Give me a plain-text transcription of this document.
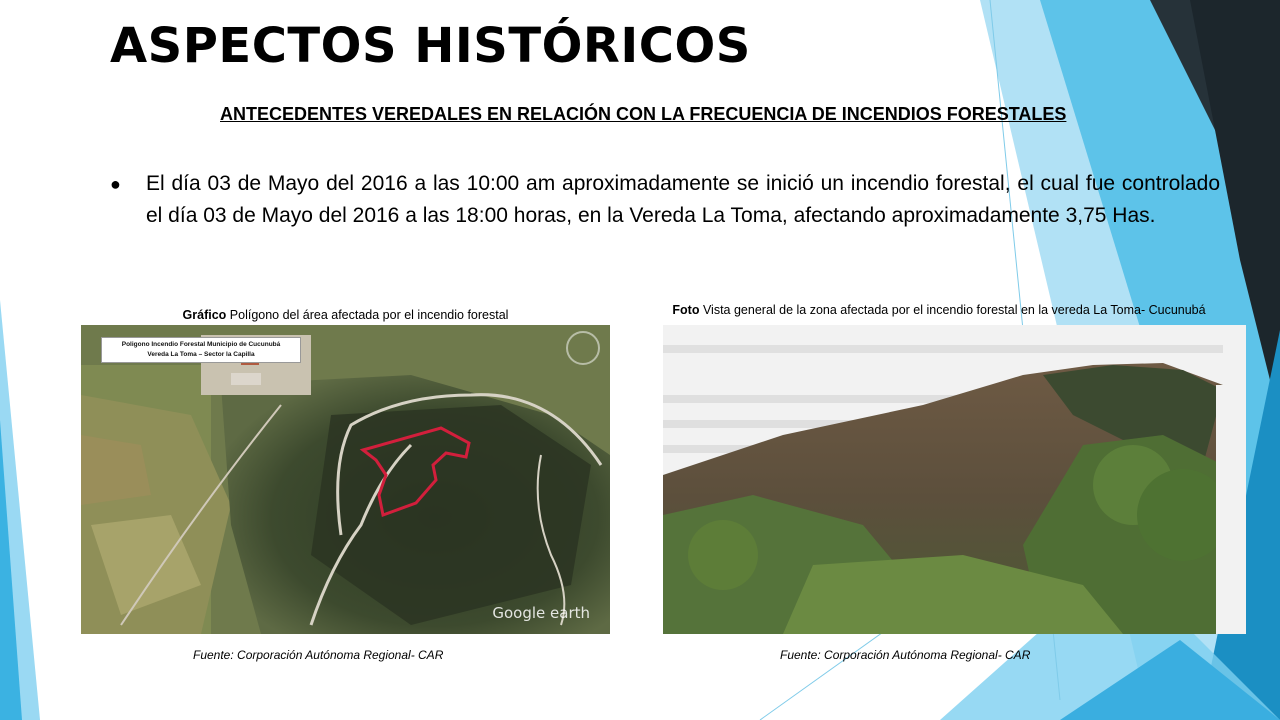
ASPECTOS HISTÓRICOS
ANTECEDENTES VEREDALES EN RELACIÓN CON LA FRECUENCIA DE INCENDIOS FORESTALES
● El día 03 de Mayo del 2016 a las 10:00 am aproximadamente se inició un incendio forestal, el cual fue controlado el día 03 de Mayo del 2016 a las 18:00 horas, en la Vereda La Toma, afectando aproximadamente 3,75 Has.
Gráfico Polígono del área afectada por el incendio forestal
Poligono Incendio Forestal Municipio de Cucunubá
Vereda La Toma – Sector la Capilla
Google earth
Fuente: Corporación Autónoma Regional- CAR
Foto Vista general de la zona afectada por el incendio forestal en la vereda La Toma- Cucunubá
Fuente: Corporación Autónoma Regional- CAR
